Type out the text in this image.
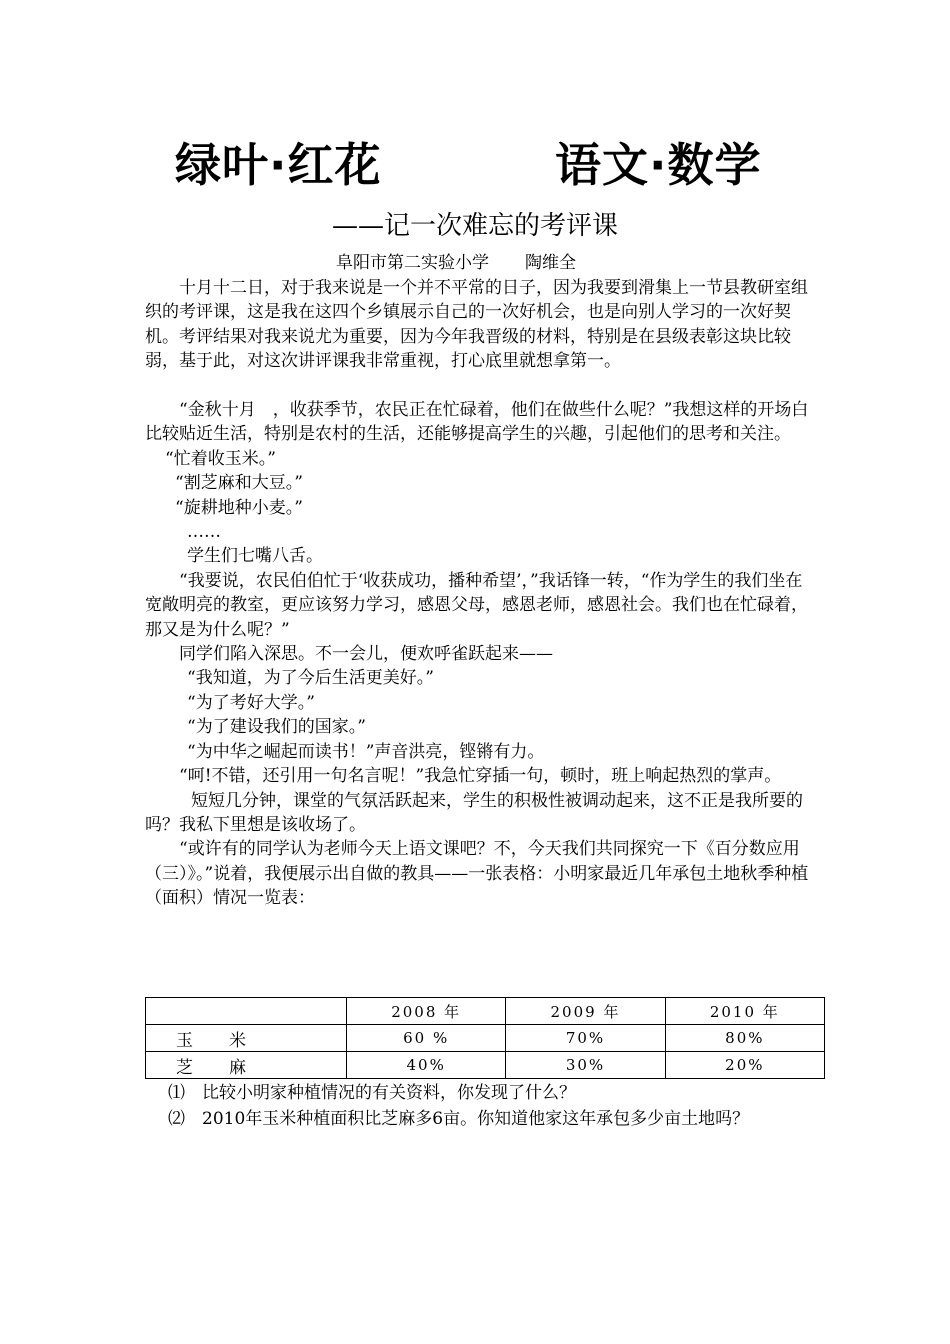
绿叶·红花	语文·数学
——记一次难忘的考评课
阜阳市第二实验小学 陶维全

十月十二日，对于我来说是一个并不平常的日子，因为我要到滑集上一节县教研室组织的考评课，这是我在这四个乡镇展示自己的一次好机会，也是向别人学习的一次好契机。考评结果对我来说尤为重要，因为今年我晋级的材料，特别是在县级表彰这块比较弱，基于此，对这次讲评课我非常重视，打心底里就想拿第一。

“金秋十月　，收获季节，农民正在忙碌着，他们在做些什么呢？”我想这样的开场白比较贴近生活，特别是农村的生活，还能够提高学生的兴趣，引起他们的思考和关注。

“忙着收玉米。”

“割芝麻和大豆。”

“旋耕地种小麦。”

……

学生们七嘴八舌。

“我要说，农民伯伯忙于‘收获成功，播种希望’，”我话锋一转，“作为学生的我们坐在宽敞明亮的教室，更应该努力学习，感恩父母，感恩老师，感恩社会。我们也在忙碌着，那又是为什么呢？”

同学们陷入深思。不一会儿，便欢呼雀跃起来——

“我知道，为了今后生活更美好。”

“为了考好大学。”

“为了建设我们的国家。”

“为中华之崛起而读书！”声音洪亮，铿锵有力。

“呵!不错，还引用一句名言呢！”我急忙穿插一句，顿时，班上响起热烈的掌声。

短短几分钟，课堂的气氛活跃起来，学生的积极性被调动起来，这不正是我所要的吗？我私下里想是该收场了。

“或许有的同学认为老师今天上语文课吧？不，今天我们共同探究一下《百分数应用（三）》。”说着，我便展示出自做的教具——一张表格：小明家最近几年承包土地秋季种植（面积）情况一览表：

	2008 年	2009 年	2010 年
玉米	60 %	70%	80%
芝麻	40%	30%	20%

⑴　比较小明家种植情况的有关资料，你发现了什么？

⑵　2010年玉米种植面积比芝麻多6亩。你知道他家这年承包多少亩土地吗？
